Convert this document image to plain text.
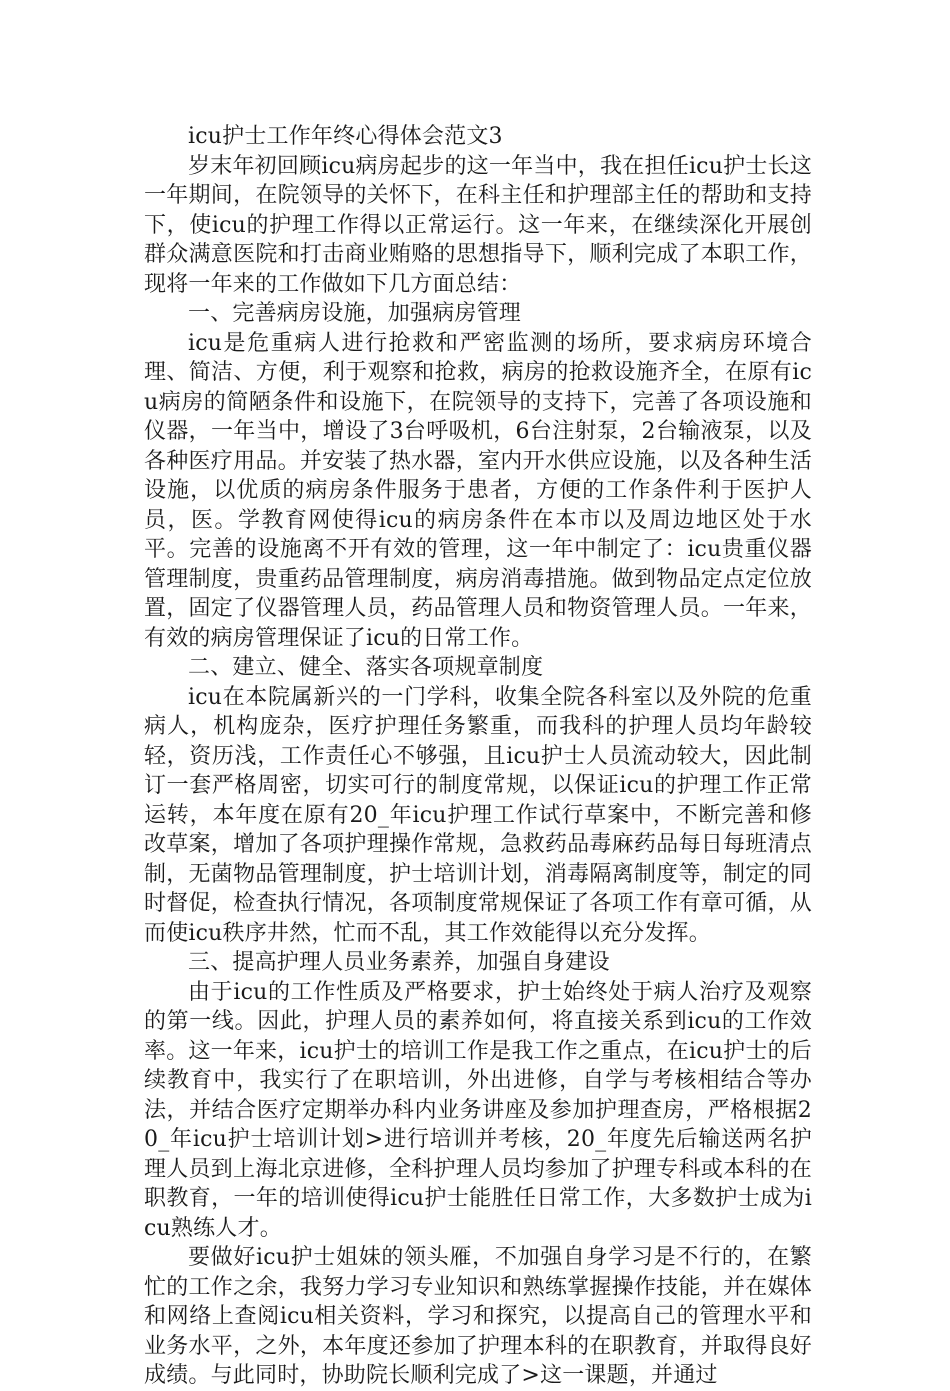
icu护士工作年终心得体会范文3

岁末年初回顾icu病房起步的这一年当中，我在担任icu护士长这一年期间，在院领导的关怀下，在科主任和护理部主任的帮助和支持下，使icu的护理工作得以正常运行。这一年来，在继续深化开展创群众满意医院和打击商业贿赂的思想指导下，顺利完成了本职工作，现将一年来的工作做如下几方面总结：

一、完善病房设施，加强病房管理

icu是危重病人进行抢救和严密监测的场所，要求病房环境合理、简洁、方便，利于观察和抢救，病房的抢救设施齐全，在原有icu病房的简陋条件和设施下，在院领导的支持下，完善了各项设施和仪器，一年当中，增设了3台呼吸机，6台注射泵，2台输液泵，以及各种医疗用品。并安装了热水器，室内开水供应设施，以及各种生活设施，以优质的病房条件服务于患者，方便的工作条件利于医护人员，医。学教育网使得icu的病房条件在本市以及周边地区处于水平。完善的设施离不开有效的管理，这一年中制定了：icu贵重仪器管理制度，贵重药品管理制度，病房消毒措施。做到物品定点定位放置，固定了仪器管理人员，药品管理人员和物资管理人员。一年来，有效的病房管理保证了icu的日常工作。

二、建立、健全、落实各项规章制度

icu在本院属新兴的一门学科，收集全院各科室以及外院的危重病人，机构庞杂，医疗护理任务繁重，而我科的护理人员均年龄较轻，资历浅，工作责任心不够强，且icu护士人员流动较大，因此制订一套严格周密，切实可行的制度常规，以保证icu的护理工作正常运转，本年度在原有20_年icu护理工作试行草案中，不断完善和修改草案，增加了各项护理操作常规，急救药品毒麻药品每日每班清点制，无菌物品管理制度，护士培训计划，消毒隔离制度等，制定的同时督促，检查执行情况，各项制度常规保证了各项工作有章可循，从而使icu秩序井然，忙而不乱，其工作效能得以充分发挥。

三、提高护理人员业务素养，加强自身建设

由于icu的工作性质及严格要求，护士始终处于病人治疗及观察的第一线。因此，护理人员的素养如何，将直接关系到icu的工作效率。这一年来，icu护士的培训工作是我工作之重点，在icu护士的后续教育中，我实行了在职培训，外出进修，自学与考核相结合等办法，并结合医疗定期举办科内业务讲座及参加护理查房，严格根据20_年icu护士培训计划>进行培训并考核，20_年度先后输送两名护理人员到上海北京进修，全科护理人员均参加了护理专科或本科的在职教育，一年的培训使得icu护士能胜任日常工作，大多数护士成为icu熟练人才。

要做好icu护士姐妹的领头雁，不加强自身学习是不行的，在繁忙的工作之余，我努力学习专业知识和熟练掌握操作技能，并在媒体和网络上查阅icu相关资料，学习和探究，以提高自己的管理水平和业务水平，之外，本年度还参加了护理本科的在职教育，并取得良好成绩。与此同时，协助院长顺利完成了>这一课题，并通过
